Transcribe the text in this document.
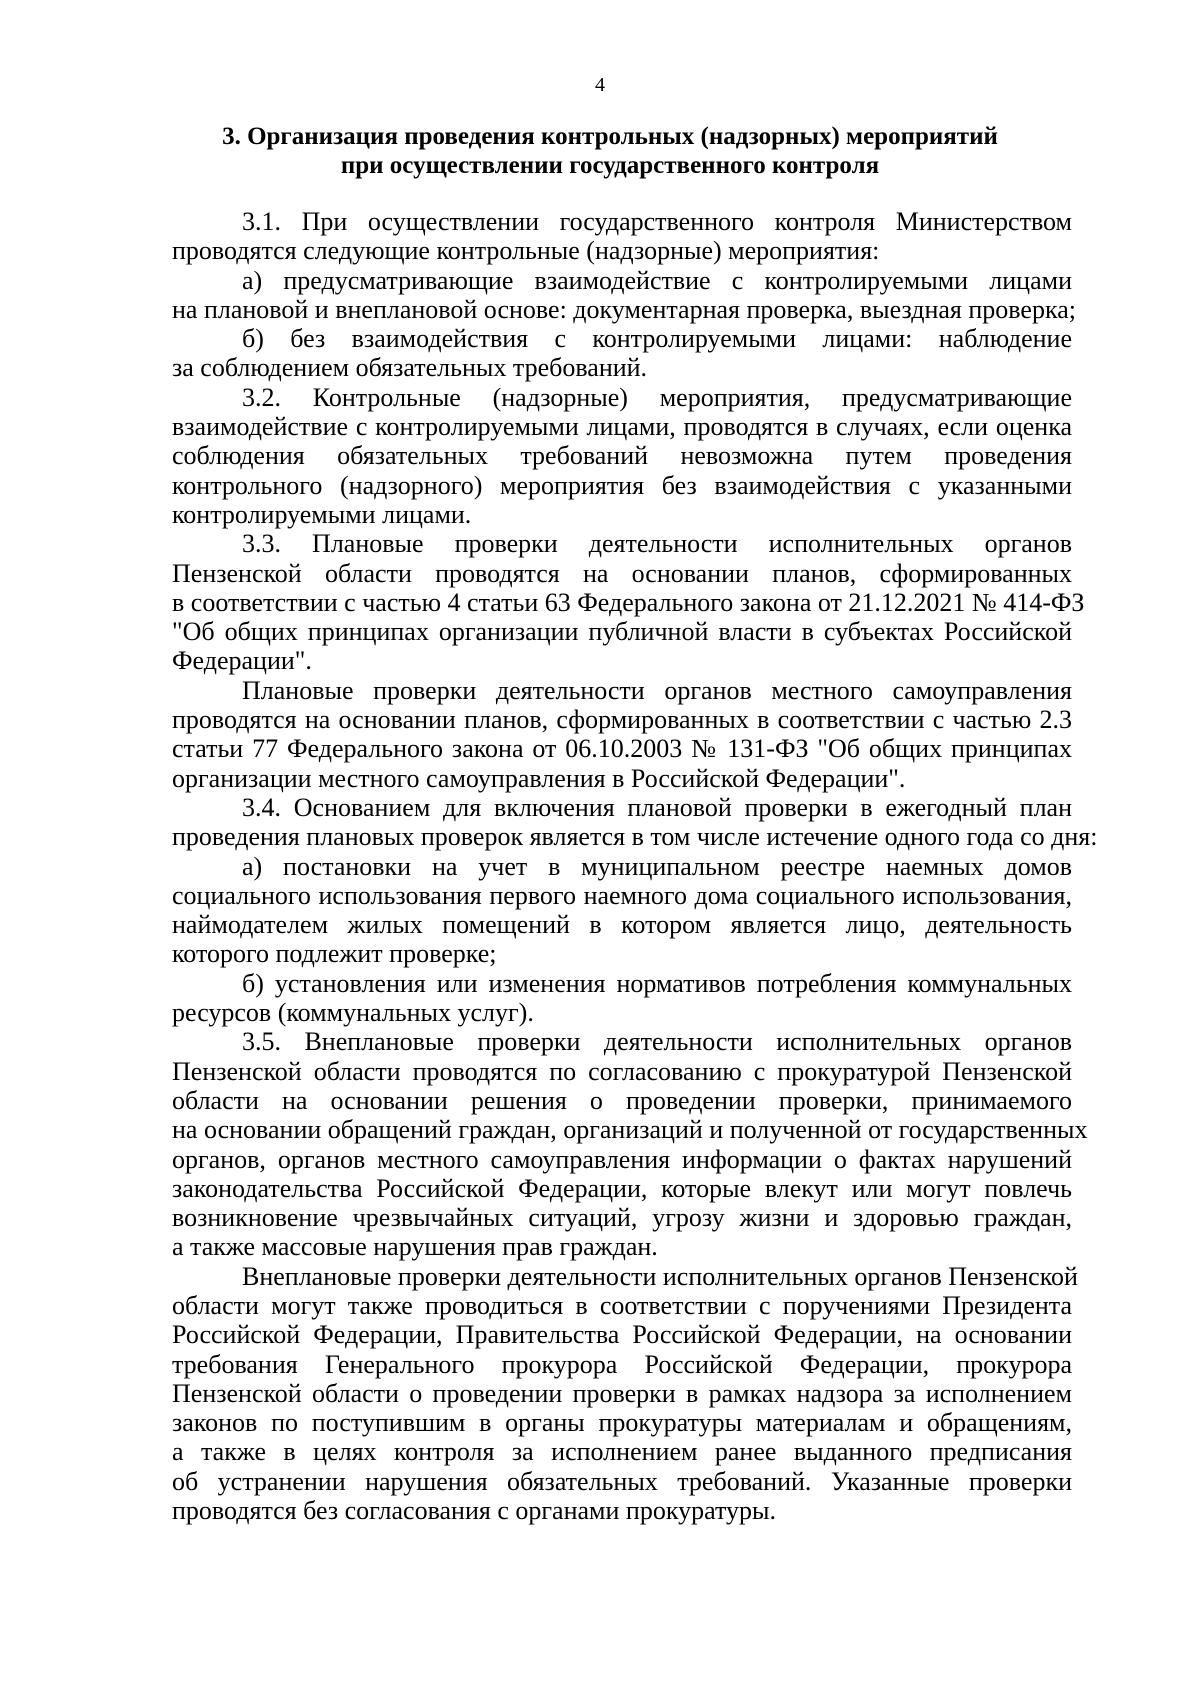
4
3. Организация проведения контрольных (надзорных) мероприятий
при осуществлении государственного контроля
3.1. При осуществлении государственного контроля Министерством
проводятся следующие контрольные (надзорные) мероприятия:
а) предусматривающие взаимодействие с контролируемыми лицами
на плановой и внеплановой основе: документарная проверка, выездная проверка;
б) без взаимодействия с контролируемыми лицами: наблюдение
за соблюдением обязательных требований.
3.2. Контрольные (надзорные) мероприятия, предусматривающие
взаимодействие с контролируемыми лицами, проводятся в случаях, если оценка
соблюдения обязательных требований невозможна путем проведения
контрольного (надзорного) мероприятия без взаимодействия с указанными
контролируемыми лицами.
3.3. Плановые проверки деятельности исполнительных органов
Пензенской области проводятся на основании планов, сформированных
в соответствии с частью 4 статьи 63 Федерального закона от 21.12.2021 № 414-ФЗ
"Об общих принципах организации публичной власти в субъектах Российской
Федерации".
Плановые проверки деятельности органов местного самоуправления
проводятся на основании планов, сформированных в соответствии с частью 2.3
статьи 77 Федерального закона от 06.10.2003 № 131-ФЗ "Об общих принципах
организации местного самоуправления в Российской Федерации".
3.4. Основанием для включения плановой проверки в ежегодный план
проведения плановых проверок является в том числе истечение одного года со дня:
а) постановки на учет в муниципальном реестре наемных домов
социального использования первого наемного дома социального использования,
наймодателем жилых помещений в котором является лицо, деятельность
которого подлежит проверке;
б) установления или изменения нормативов потребления коммунальных
ресурсов (коммунальных услуг).
3.5. Внеплановые проверки деятельности исполнительных органов
Пензенской области проводятся по согласованию с прокуратурой Пензенской
области на основании решения о проведении проверки, принимаемого
на основании обращений граждан, организаций и полученной от государственных
органов, органов местного самоуправления информации о фактах нарушений
законодательства Российской Федерации, которые влекут или могут повлечь
возникновение чрезвычайных ситуаций, угрозу жизни и здоровью граждан,
а также массовые нарушения прав граждан.
Внеплановые проверки деятельности исполнительных органов Пензенской
области могут также проводиться в соответствии с поручениями Президента
Российской Федерации, Правительства Российской Федерации, на основании
требования Генерального прокурора Российской Федерации, прокурора
Пензенской области о проведении проверки в рамках надзора за исполнением
законов по поступившим в органы прокуратуры материалам и обращениям,
а также в целях контроля за исполнением ранее выданного предписания
об устранении нарушения обязательных требований. Указанные проверки
проводятся без согласования с органами прокуратуры.
